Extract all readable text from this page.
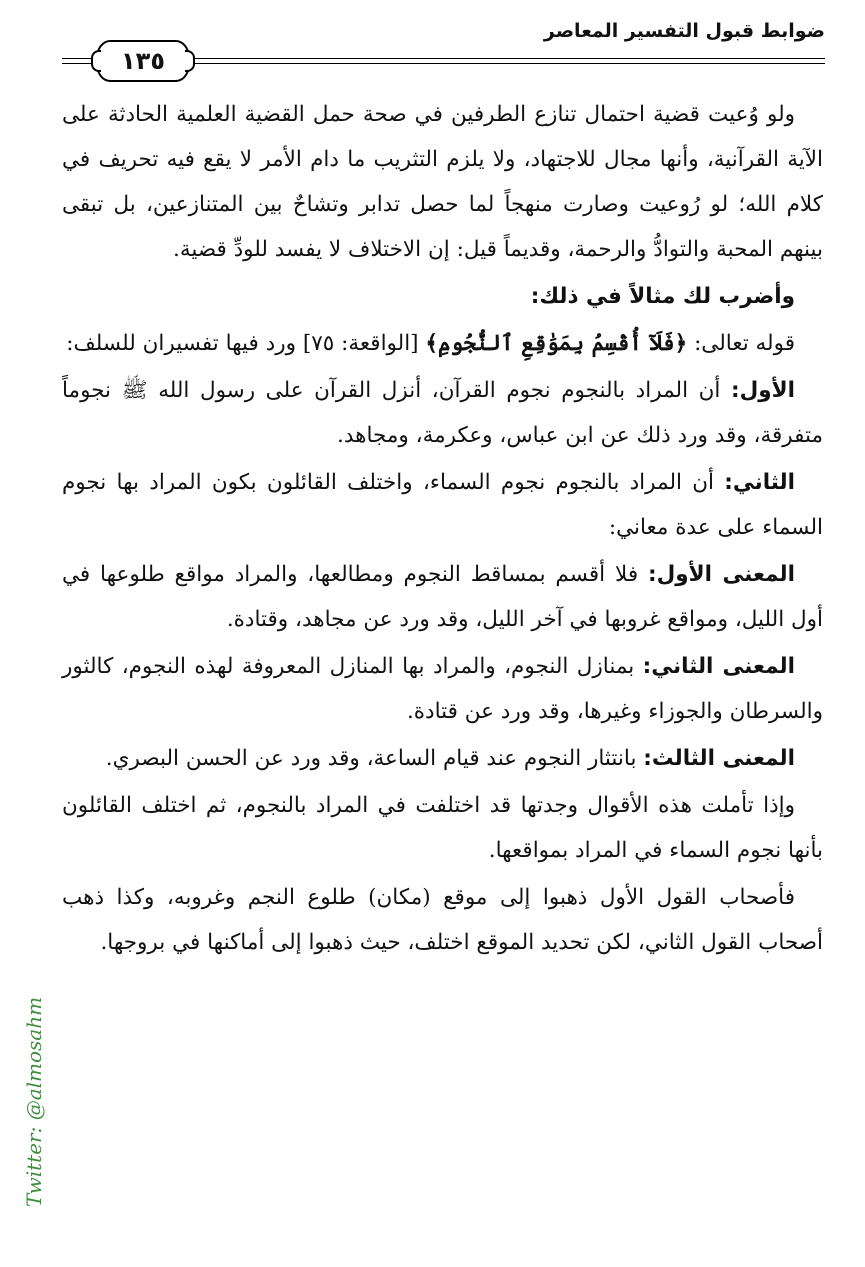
ضوابط قبول التفسير المعاصر
١٣٥

ولو وُعيت قضية احتمال تنازع الطرفين في صحة حمل القضية العلمية الحادثة على الآية القرآنية، وأنها مجال للاجتهاد، ولا يلزم التثريب ما دام الأمر لا يقع فيه تحريف في كلام الله؛ لو رُوعيت وصارت منهجاً لما حصل تدابر وتشاحٌ بين المتنازعين، بل تبقى بينهم المحبة والتوادُّ والرحمة، وقديماً قيل: إن الاختلاف لا يفسد للودِّ قضية.

وأضرب لك مثالاً في ذلك:

قوله تعالى: ﴿فَلَآ أُقْسِمُ بِمَوَٰقِعِ ٱلنُّجُومِ﴾ [الواقعة: ٧٥] ورد فيها تفسيران للسلف:

الأول: أن المراد بالنجوم نجوم القرآن، أنزل القرآن على رسول الله ﷺ نجوماً متفرقة، وقد ورد ذلك عن ابن عباس، وعكرمة، ومجاهد.

الثاني: أن المراد بالنجوم نجوم السماء، واختلف القائلون بكون المراد بها نجوم السماء على عدة معاني:

المعنى الأول: فلا أقسم بمساقط النجوم ومطالعها، والمراد مواقع طلوعها في أول الليل، ومواقع غروبها في آخر الليل، وقد ورد عن مجاهد، وقتادة.

المعنى الثاني: بمنازل النجوم، والمراد بها المنازل المعروفة لهذه النجوم، كالثور والسرطان والجوزاء وغيرها، وقد ورد عن قتادة.

المعنى الثالث: بانتثار النجوم عند قيام الساعة، وقد ورد عن الحسن البصري.

وإذا تأملت هذه الأقوال وجدتها قد اختلفت في المراد بالنجوم، ثم اختلف القائلون بأنها نجوم السماء في المراد بمواقعها.

فأصحاب القول الأول ذهبوا إلى موقع (مكان) طلوع النجم وغروبه، وكذا ذهب أصحاب القول الثاني، لكن تحديد الموقع اختلف، حيث ذهبوا إلى أماكنها في بروجها.

Twitter: @almosahm
